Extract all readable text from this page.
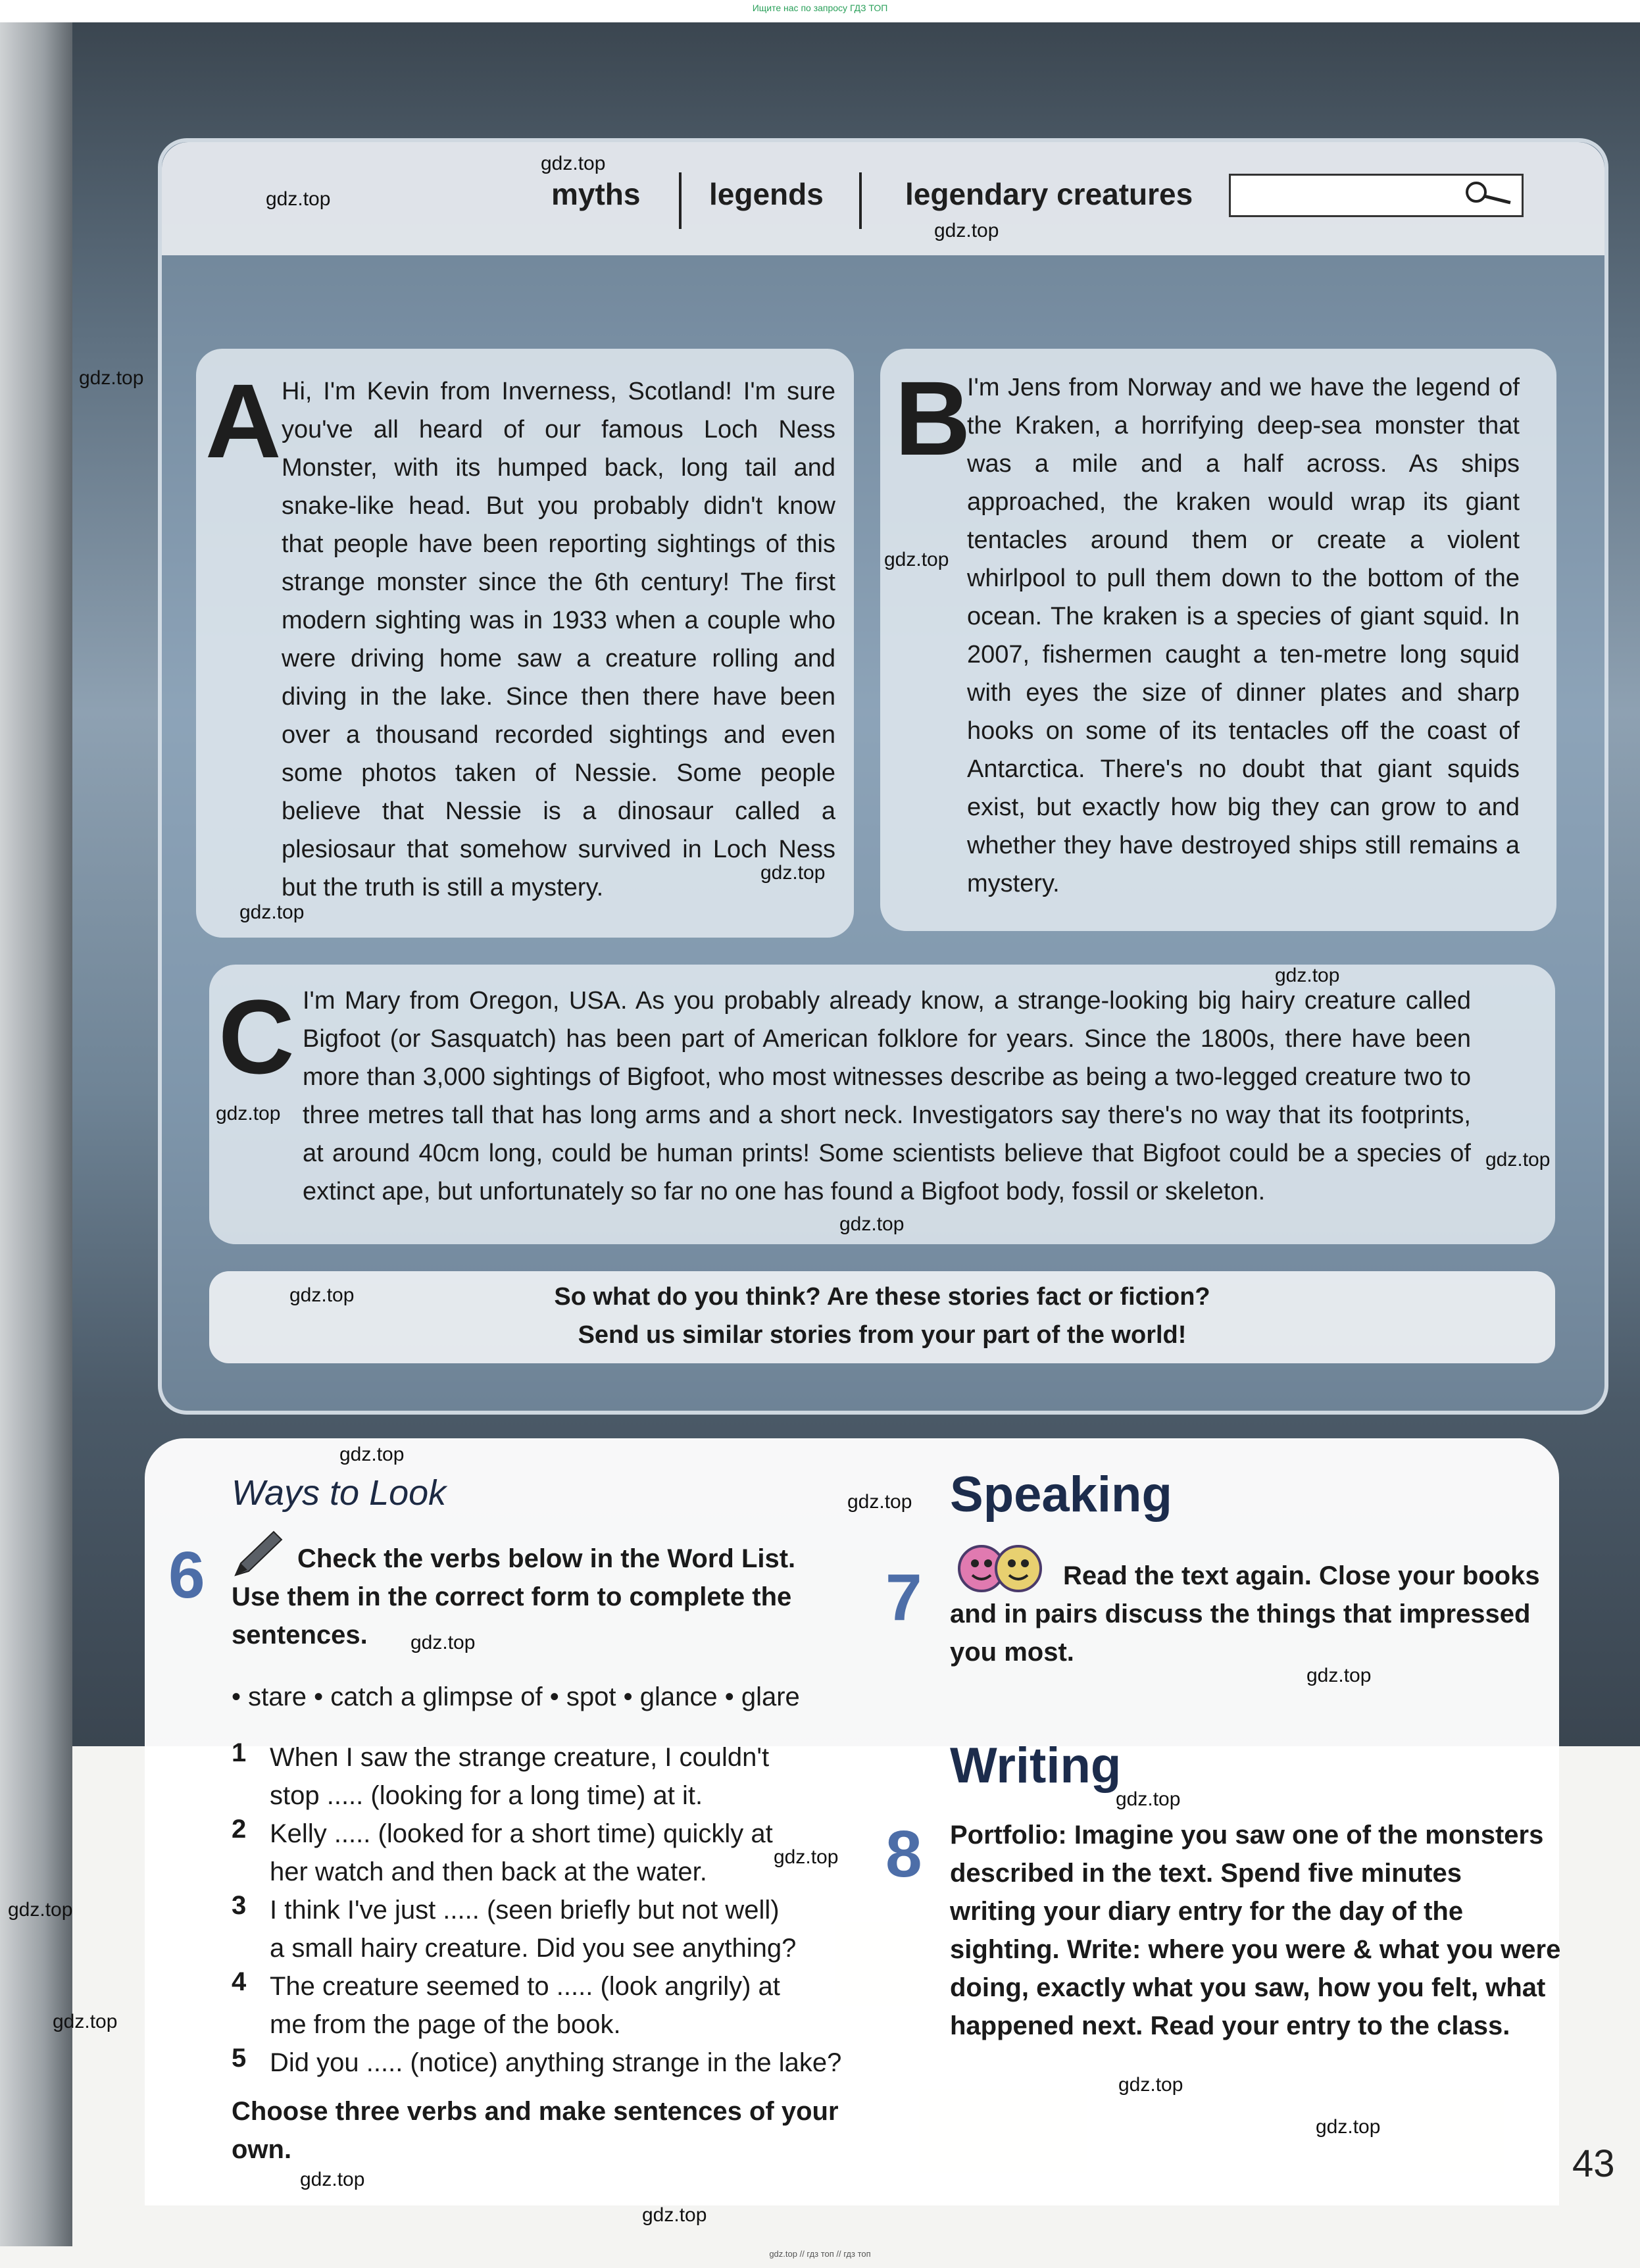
Ищите нас по запросу ГДЗ ТОП
myths legends	legendary creatures
A Hi, I'm Kevin from Inverness, Scotland! I'm sure you've all heard of our famous Loch Ness Monster, with its humped back, long tail and snake-like head. But you probably didn't know that people have been reporting sightings of this strange monster since the 6th century! The first modern sighting was in 1933 when a couple who were driving home saw a creature rolling and diving in the lake. Since then there have been over a thousand recorded sightings and even some photos taken of Nessie. Some people believe that Nessie is a dinosaur called a plesiosaur that somehow survived in Loch Ness but the truth is still a mystery.

B

I'm Jens from Norway and we have the legend of the Kraken, a horrifying deep-sea monster that was a mile and a half across. As ships approached, the kraken would wrap its giant tentacles around them or create a violent whirlpool to pull them down to the bottom of the ocean. The kraken is a species of giant squid. In 2007, fishermen caught a ten-metre long squid with eyes the size of dinner plates and sharp hooks on some of its tentacles off the coast of Antarctica. There's no doubt that giant squids exist, but exactly how big they can grow to and whether they have destroyed ships still remains a mystery.

C I'm Mary from Oregon, USA. As you probably already know, a strange-looking big hairy creature called Bigfoot (or Sasquatch) has been part of American folklore for years. Since the 1800s, there have been more than 3,000 sightings of Bigfoot, who most witnesses describe as being a two-legged creature two to three metres tall that has long arms and a short neck. Investigators say there's no way that its footprints, at around 40cm long, could be human prints! Some scientists believe that Bigfoot could be a species of extinct ape, but unfortunately so far no one has found a Bigfoot body, fossil or skeleton.

So what do you think? Are these stories fact or fiction?
Send us similar stories from your part of the world!
Ways to Look
6	Check the verbs below in the Word List.
Use them in the correct form to complete the
sentences.
• stare • catch a glimpse of • spot • glance • glare
1 When I saw the strange creature, I couldn't
stop ..... (looking for a long time) at it.
2 Kelly ..... (looked for a short time) quickly at
her watch and then back at the water.
3 I think I've just ..... (seen briefly but not well)
a small hairy creature. Did you see anything?
4 The creature seemed to ..... (look angrily) at
me from the page of the book.
5 Did you ..... (notice) anything strange in the lake?
Choose three verbs and make sentences of your
own.
Speaking
7	Read the text again. Close your books
and in pairs discuss the things that impressed
you most.
Writing
8 Portfolio: Imagine you saw one of the monsters
described in the text. Spend five minutes
writing your diary entry for the day of the
sighting. Write: where you were & what you were
doing, exactly what you saw, how you felt, what
happened next. Read your entry to the class.
43
gdz.top
gdz.top
gdz.top
gdz.top
gdz.top
gdz.top
gdz.top
gdz.top
gdz.top
gdz.top
gdz.top
gdz.top
gdz.top
gdz.top
gdz.top
gdz.top
gdz.top
gdz.top
gdz.top
gdz.top
gdz.top
gdz.top
gdz.top
gdz.top
gdz.top // гдз топ // гдз топ
